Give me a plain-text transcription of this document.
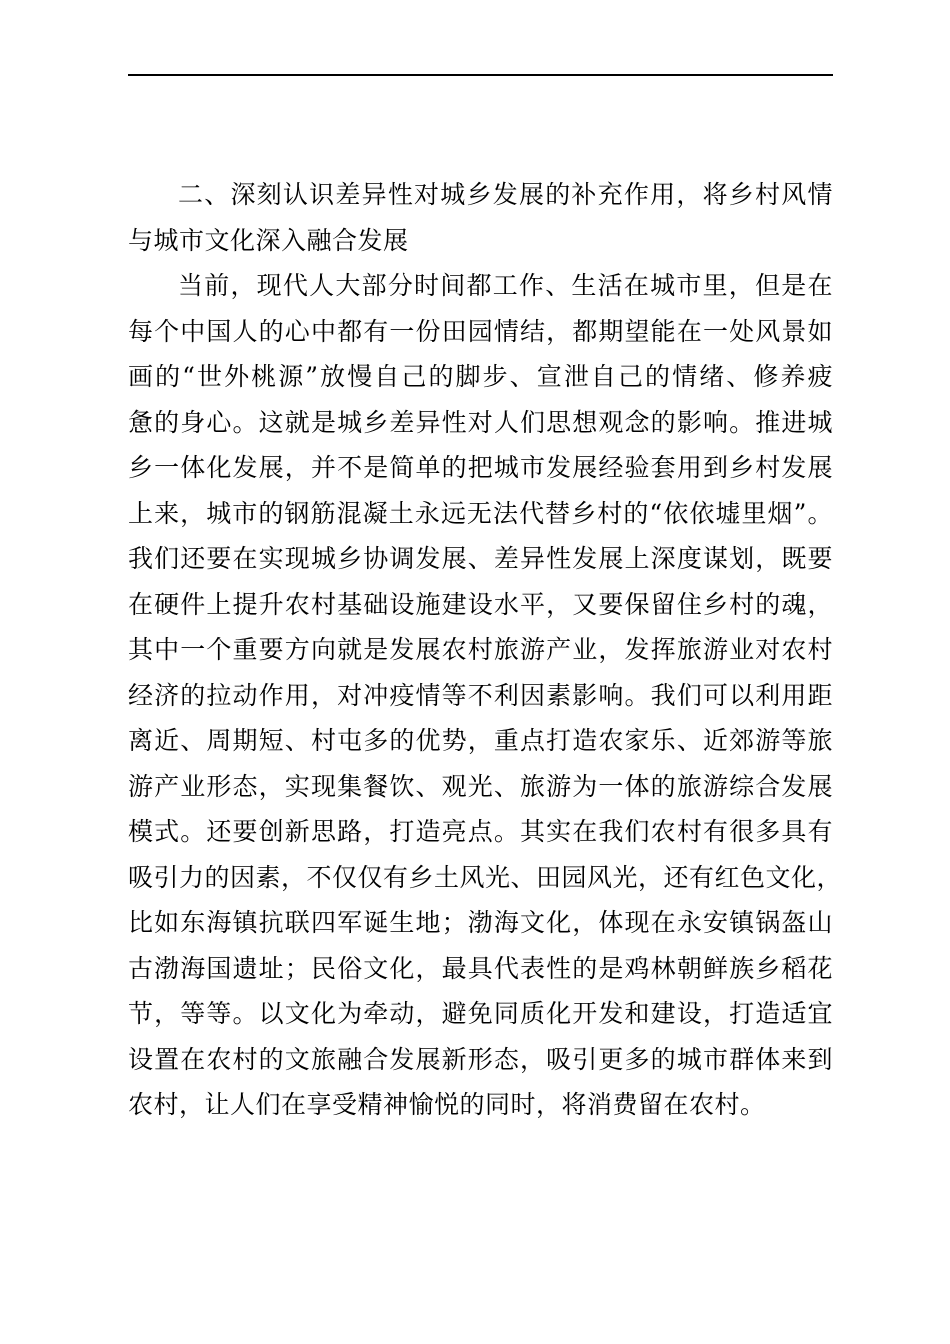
二、深刻认识差异性对城乡发展的补充作用，将乡村风情
与城市文化深入融合发展
当前，现代人大部分时间都工作、生活在城市里，但是在
每个中国人的心中都有一份田园情结，都期望能在一处风景如
画的“世外桃源”放慢自己的脚步、宣泄自己的情绪、修养疲
惫的身心。这就是城乡差异性对人们思想观念的影响。推进城
乡一体化发展，并不是简单的把城市发展经验套用到乡村发展
上来，城市的钢筋混凝土永远无法代替乡村的“依依墟里烟”。
我们还要在实现城乡协调发展、差异性发展上深度谋划，既要
在硬件上提升农村基础设施建设水平，又要保留住乡村的魂，
其中一个重要方向就是发展农村旅游产业，发挥旅游业对农村
经济的拉动作用，对冲疫情等不利因素影响。我们可以利用距
离近、周期短、村屯多的优势，重点打造农家乐、近郊游等旅
游产业形态，实现集餐饮、观光、旅游为一体的旅游综合发展
模式。还要创新思路，打造亮点。其实在我们农村有很多具有
吸引力的因素，不仅仅有乡土风光、田园风光，还有红色文化，
比如东海镇抗联四军诞生地；渤海文化，体现在永安镇锅盔山
古渤海国遗址；民俗文化，最具代表性的是鸡林朝鲜族乡稻花
节，等等。以文化为牵动，避免同质化开发和建设，打造适宜
设置在农村的文旅融合发展新形态，吸引更多的城市群体来到
农村，让人们在享受精神愉悦的同时，将消费留在农村。
